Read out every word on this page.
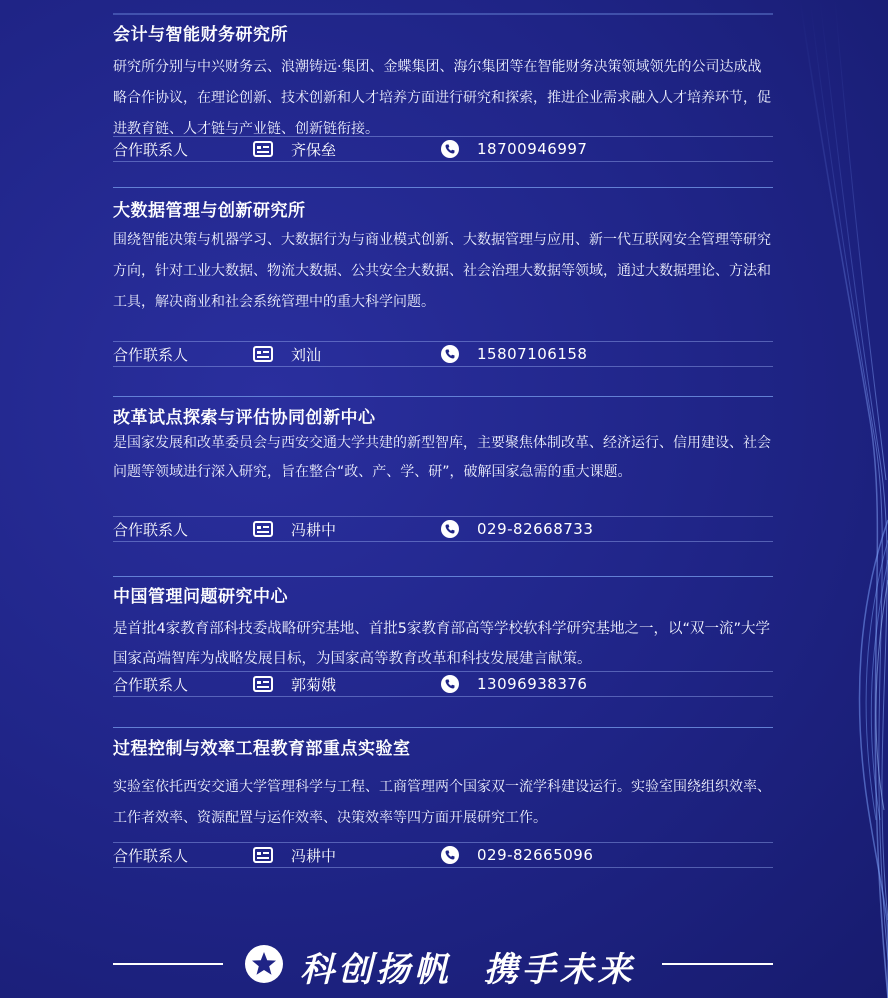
会计与智能财务研究所

研究所分别与中兴财务云、浪潮铸远·集团、金蝶集团、海尔集团等在智能财务决策领域领先的公司达成战略合作协议，在理论创新、技术创新和人才培养方面进行研究和探索，推进企业需求融入人才培养环节，促进教育链、人才链与产业链、创新链衔接。

合作联系人	齐保垒	18700946997

大数据管理与创新研究所

围绕智能决策与机器学习、大数据行为与商业模式创新、大数据管理与应用、新一代互联网安全管理等研究方向，针对工业大数据、物流大数据、公共安全大数据、社会治理大数据等领域，通过大数据理论、方法和工具，解决商业和社会系统管理中的重大科学问题。

合作联系人	刘汕	15807106158

改革试点探索与评估协同创新中心

是国家发展和改革委员会与西安交通大学共建的新型智库，主要聚焦体制改革、经济运行、信用建设、社会问题等领域进行深入研究，旨在整合“政、产、学、研”，破解国家急需的重大课题。

合作联系人	冯耕中	029-82668733

中国管理问题研究中心

是首批4家教育部科技委战略研究基地、首批5家教育部高等学校软科学研究基地之一，以“双一流”大学国家高端智库为战略发展目标，为国家高等教育改革和科技发展建言献策。

合作联系人	郭菊娥	13096938376

过程控制与效率工程教育部重点实验室

实验室依托西安交通大学管理科学与工程、工商管理两个国家双一流学科建设运行。实验室围绕组织效率、工作者效率、资源配置与运作效率、决策效率等四方面开展研究工作。

合作联系人	冯耕中	029-82665096
科创扬帆  携手未来
